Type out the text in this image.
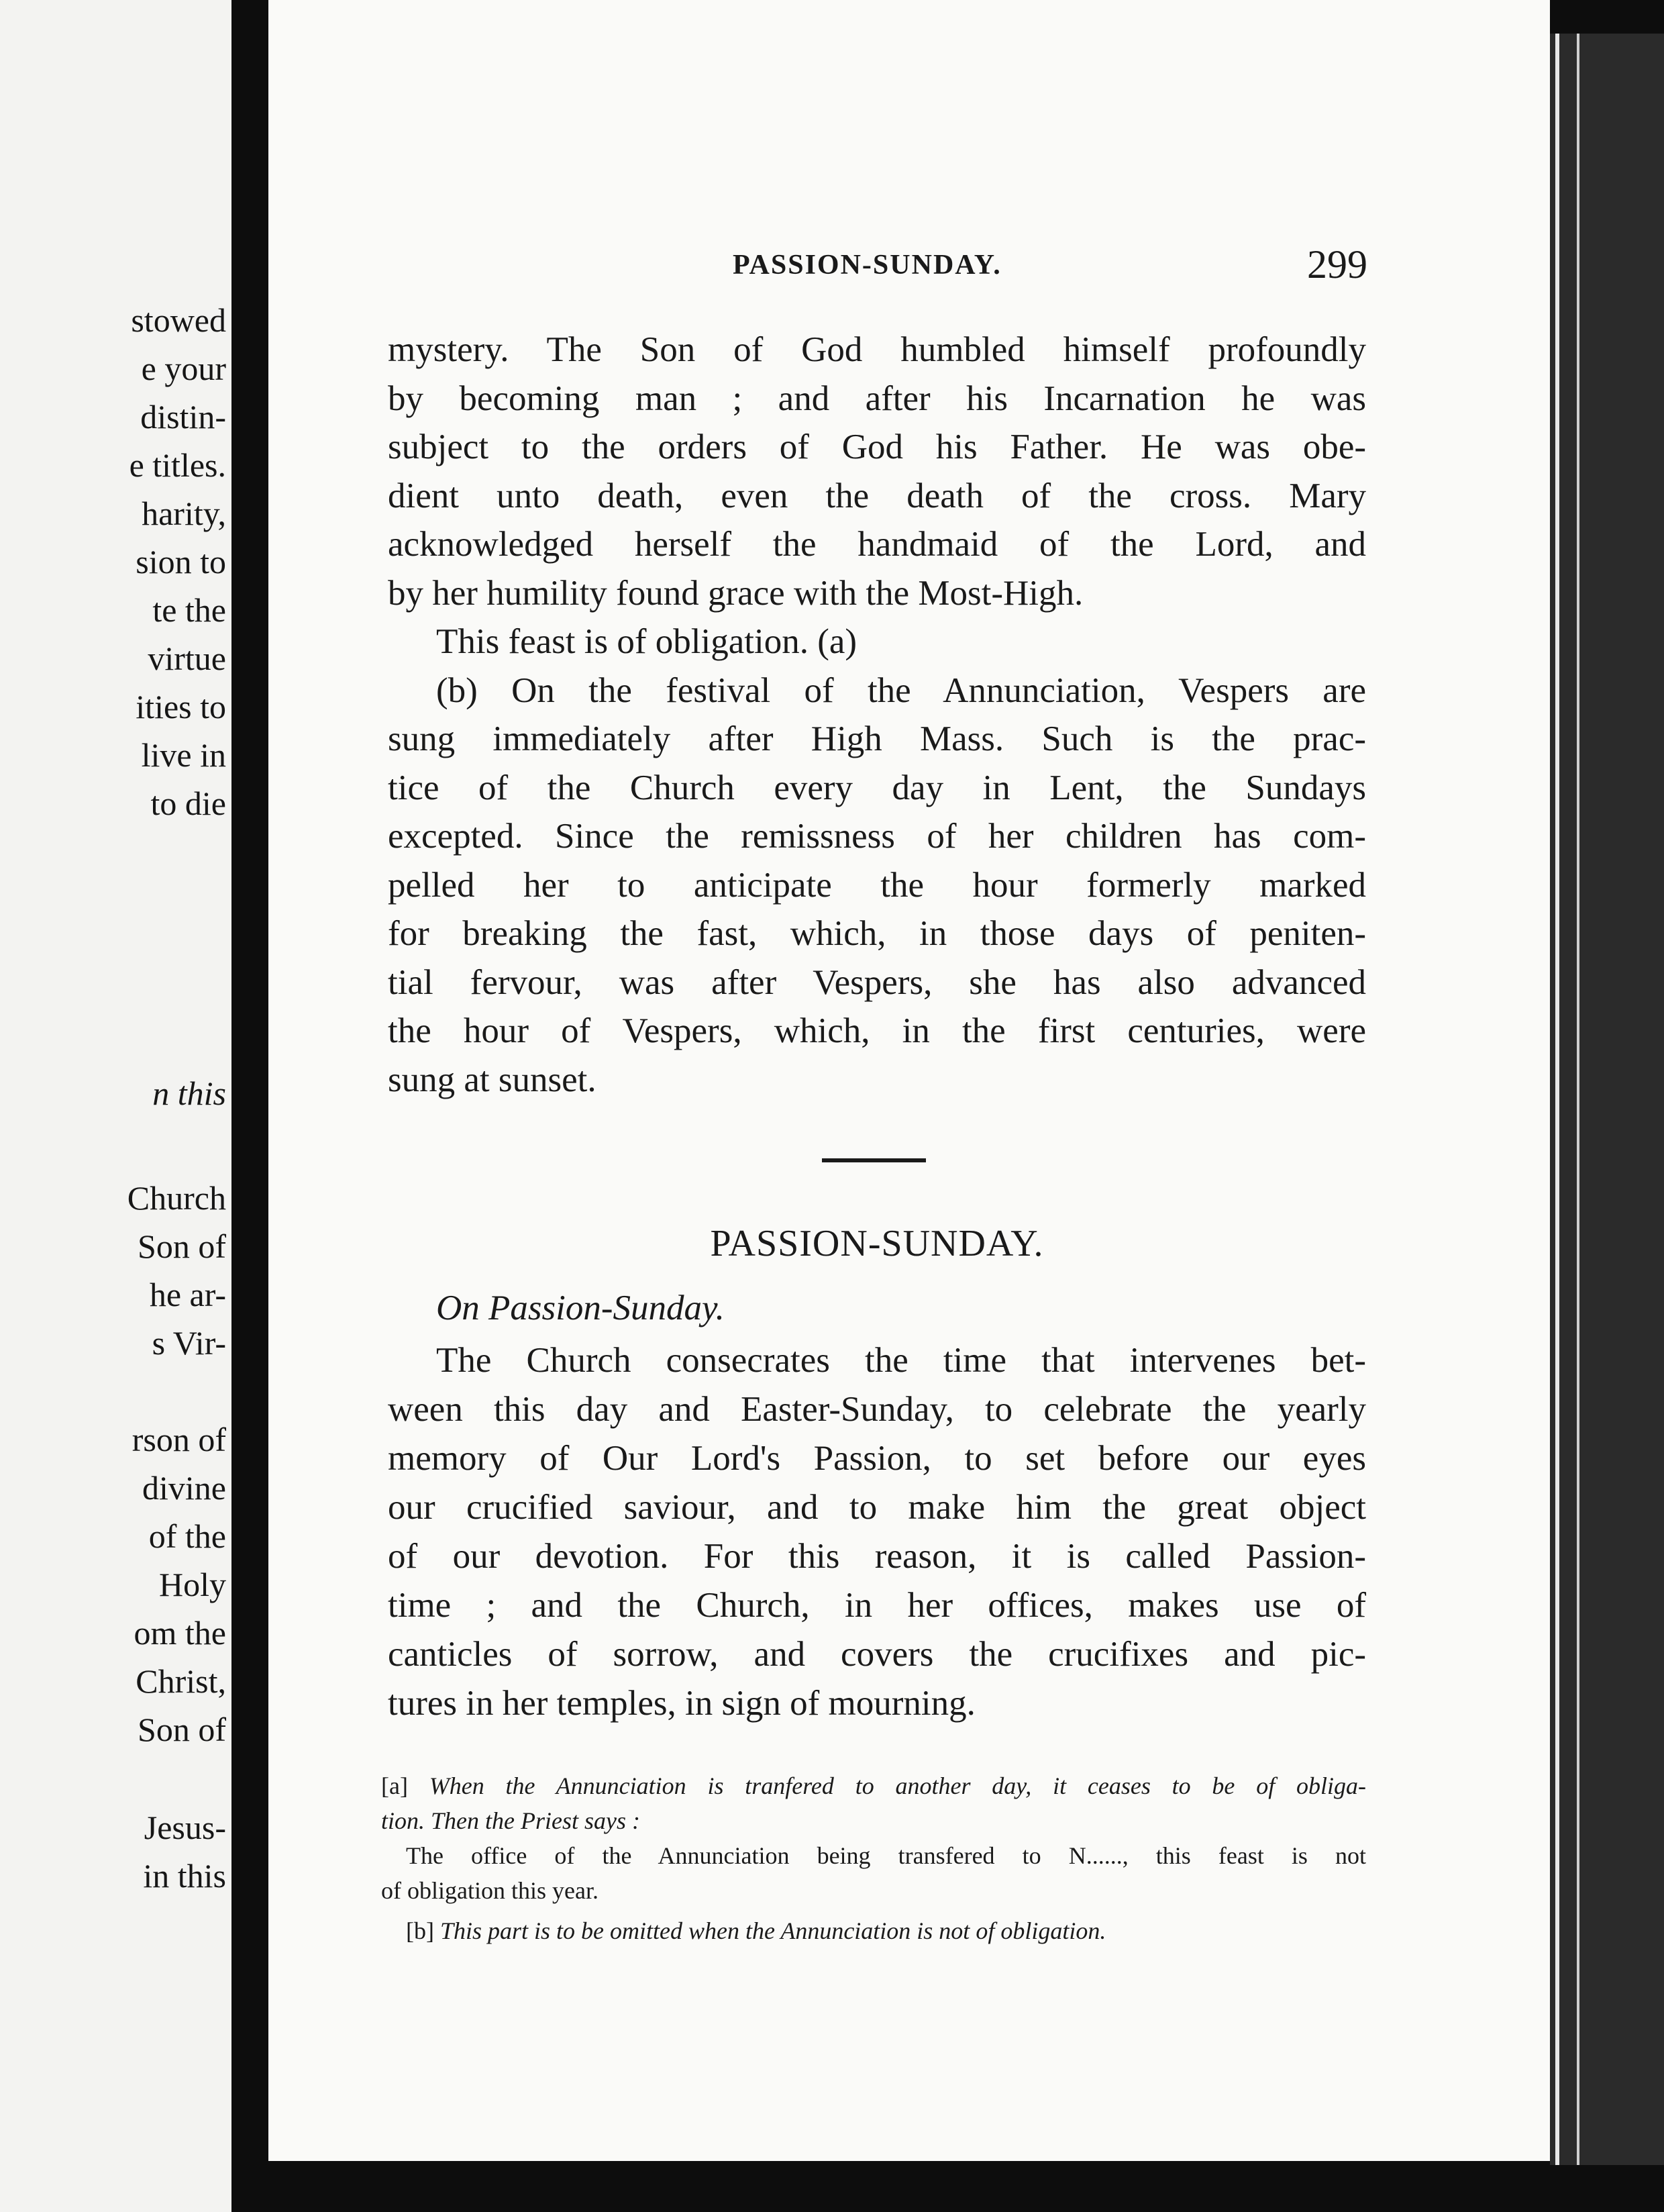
stowed
e your
distin-
e titles.
harity,
sion to
te the
virtue
ities to
live in
to die
n this
Church
Son of
he ar-
s Vir-
rson of
divine
of the
Holy
om the
Christ,
Son of
Jesus-
in this
PASSION-SUNDAY.	299
mystery. The Son of God humbled himself profoundly
by becoming man ; and after his Incarnation he was
subject to the orders of God his Father. He was obe-
dient unto death, even the death of the cross. Mary
acknowledged herself the handmaid of the Lord, and
by her humility found grace with the Most-High.
This feast is of obligation. (a)
(b) On the festival of the Annunciation, Vespers are
sung immediately after High Mass. Such is the prac-
tice of the Church every day in Lent, the Sundays
excepted. Since the remissness of her children has com-
pelled her to anticipate the hour formerly marked
for breaking the fast, which, in those days of peniten-
tial fervour, was after Vespers, she has also advanced
the hour of Vespers, which, in the first centuries, were
sung at sunset.
PASSION-SUNDAY.
On Passion-Sunday.
The Church consecrates the time that intervenes bet-
ween this day and Easter-Sunday, to celebrate the yearly
memory of Our Lord's Passion, to set before our eyes
our crucified saviour, and to make him the great object
of our devotion. For this reason, it is called Passion-
time ; and the Church, in her offices, makes use of
canticles of sorrow, and covers the crucifixes and pic-
tures in her temples, in sign of mourning.
[a] When the Annunciation is tranfered to another day, it ceases to be of obliga-
tion. Then the Priest says :
The office of the Annunciation being transfered to N......, this feast is not
of obligation this year.
[b] This part is to be omitted when the Annunciation is not of obligation.
